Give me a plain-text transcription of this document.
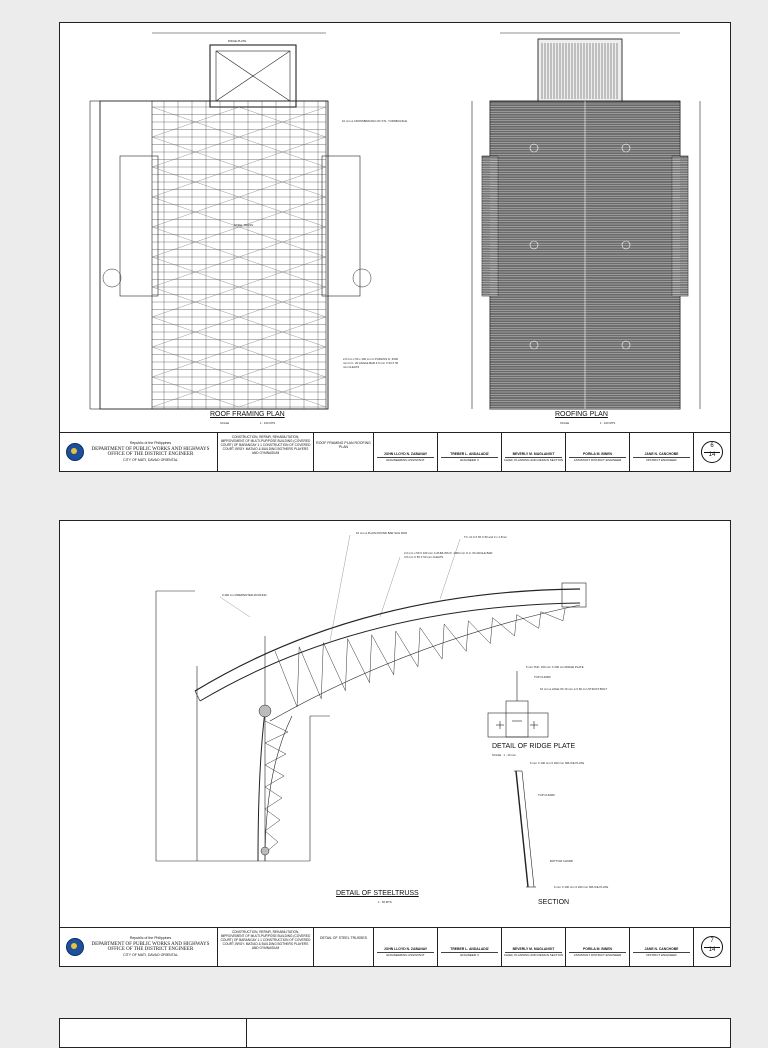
10 mm ø CROSSBRACING W/ STL. TURNBUCKLE
2.0 mm x 50 x 100 mm C.PURLINS 0/ .4000 mm O.C. W/ ANGLE BAR 4.5 mm X 50 X 50 mm CLEATS
RIDGE PLATE
STEEL TRUSS
ROOF FRAMING PLAN
SCALE	1 : 100 MTS
ROOFING PLAN
SCALE	1 : 100 MTS
Republic of the Philippines
DEPARTMENT OF PUBLIC WORKS AND HIGHWAYS
OFFICE OF THE DISTRICT ENGINEER
CITY OF MATI, DAVAO ORIENTAL
CONSTRUCTION, REPAIR, REHABILITATION, IMPROVEMENT OF MULTI-PURPOSE BUILDING (COVERED COURT) OF BARANGAY 1.1 CONSTRUCTION OF COVERED COURT, BRGY. MATIAO & BUILDING BOTHERS PLAYERS AND GYMNASIUM
ROOF FRAMING PLAN ROOFING PLAN
JOHN LLOYD N. ZABANAY
ENGINEERING ASSISTANT
TREBER L. ANDALADIZ
ENGINEER II
BEVERLY M. MAGLANGIT
CHIEF, PLANNING AND DESIGN SECTION
PORILA M. BINEN
ASSISTANT DISTRICT ENGINEER
JANE N. CANCHOBE
DISTRICT ENGINEER
6
14
16 mm ø PLAIN ROUND BAR SAG ROD
TC: 2L 6 X 50 X 50 and 3 x 1.5mm
2.0 mm x 50 X 100 mm C-PURLINS 0/ .4000 mm O.C. W/ ANGLE BAR 4.5 mm X 50 X 50 mm CLEATS
0.400 mm PREPAINTED ROOFING
6 mm THK. 150 mm X 200 mm RIDGE PLATE
TOP CHORD
16 mm ø HOLE W/ 16 mm ø X 60 mm STRUCT.BOLT
6 mm X 100 mm X 200 mm SPLICE PLATE
TOP CHORD
BOTTOM CHORD
6 mm X 100 mm X 200 mm SPLICE PLATE
DETAIL OF RIDGE PLATE
SCALE : 1 : 10 mm
SECTION
DETAIL OF STEELTRUSS
1 : 50 MTS
Republic of the Philippines
DEPARTMENT OF PUBLIC WORKS AND HIGHWAYS
OFFICE OF THE DISTRICT ENGINEER
CITY OF MATI, DAVAO ORIENTAL
CONSTRUCTION, REPAIR, REHABILITATION, IMPROVEMENT OF MULTI-PURPOSE BUILDING (COVERED COURT) OF BARANGAY 1.1 CONSTRUCTION OF COVERED COURT, BRGY. MATIAO & BUILDING BOTHERS PLAYERS AND GYMNASIUM
DETAIL OF STEEL TRUSSES
JOHN LLOYD N. ZABANAY
ENGINEERING ASSISTANT
TREBER L. ANDALADIZ
ENGINEER II
BEVERLY M. MAGLANGIT
CHIEF, PLANNING AND DESIGN SECTION
PORILA M. BINEN
ASSISTANT DISTRICT ENGINEER
JANE N. CANCHOBE
DISTRICT ENGINEER
7
14
